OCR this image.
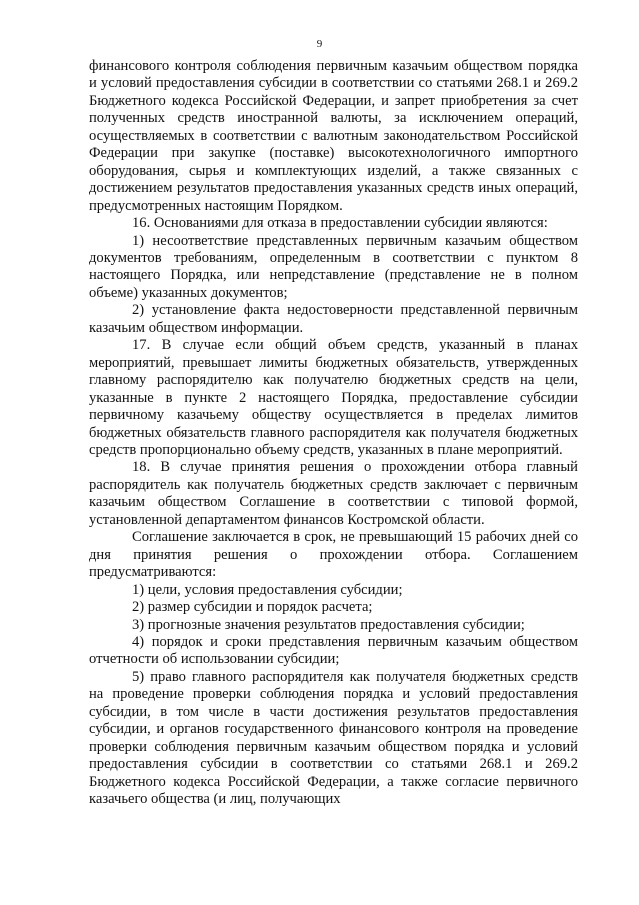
9

финансового контроля соблюдения первичным казачьим обществом порядка и условий предоставления субсидии в соответствии со статьями 268.1 и 269.2 Бюджетного кодекса Российской Федерации, и запрет приобретения за счет полученных средств иностранной валюты, за исключением операций, осуществляемых в соответствии с валютным законодательством Российской Федерации при закупке (поставке) высокотехнологичного импортного оборудования, сырья и комплектующих изделий, а также связанных с достижением результатов предоставления указанных средств иных операций, предусмотренных настоящим Порядком.

16. Основаниями для отказа в предоставлении субсидии являются:

1) несоответствие представленных первичным казачьим обществом документов требованиям, определенным в соответствии с пунктом 8 настоящего Порядка, или непредставление (представление не в полном объеме) указанных документов;

2) установление факта недостоверности представленной первичным казачьим обществом информации.

17. В случае если общий объем средств, указанный в планах мероприятий, превышает лимиты бюджетных обязательств, утвержденных главному распорядителю как получателю бюджетных средств на цели, указанные в пункте 2 настоящего Порядка, предоставление субсидии первичному казачьему обществу осуществляется в пределах лимитов бюджетных обязательств главного распорядителя как получателя бюджетных средств пропорционально объему средств, указанных в плане мероприятий.

18. В случае принятия решения о прохождении отбора главный распорядитель как получатель бюджетных средств заключает с первичным казачьим обществом Соглашение в соответствии с типовой формой, установленной департаментом финансов Костромской области.

Соглашение заключается в срок, не превышающий 15 рабочих дней со дня принятия решения о прохождении отбора. Соглашением предусматриваются:

1) цели, условия предоставления субсидии;

2) размер субсидии и порядок расчета;

3) прогнозные значения результатов предоставления субсидии;

4) порядок и сроки представления первичным казачьим обществом отчетности об использовании субсидии;

5) право главного распорядителя как получателя бюджетных средств на проведение проверки соблюдения порядка и условий предоставления субсидии, в том числе в части достижения результатов предоставления субсидии, и органов государственного финансового контроля на проведение проверки соблюдения первичным казачьим обществом порядка и условий предоставления субсидии в соответствии со статьями 268.1 и 269.2 Бюджетного кодекса Российской Федерации, а также согласие первичного казачьего общества (и лиц, получающих
